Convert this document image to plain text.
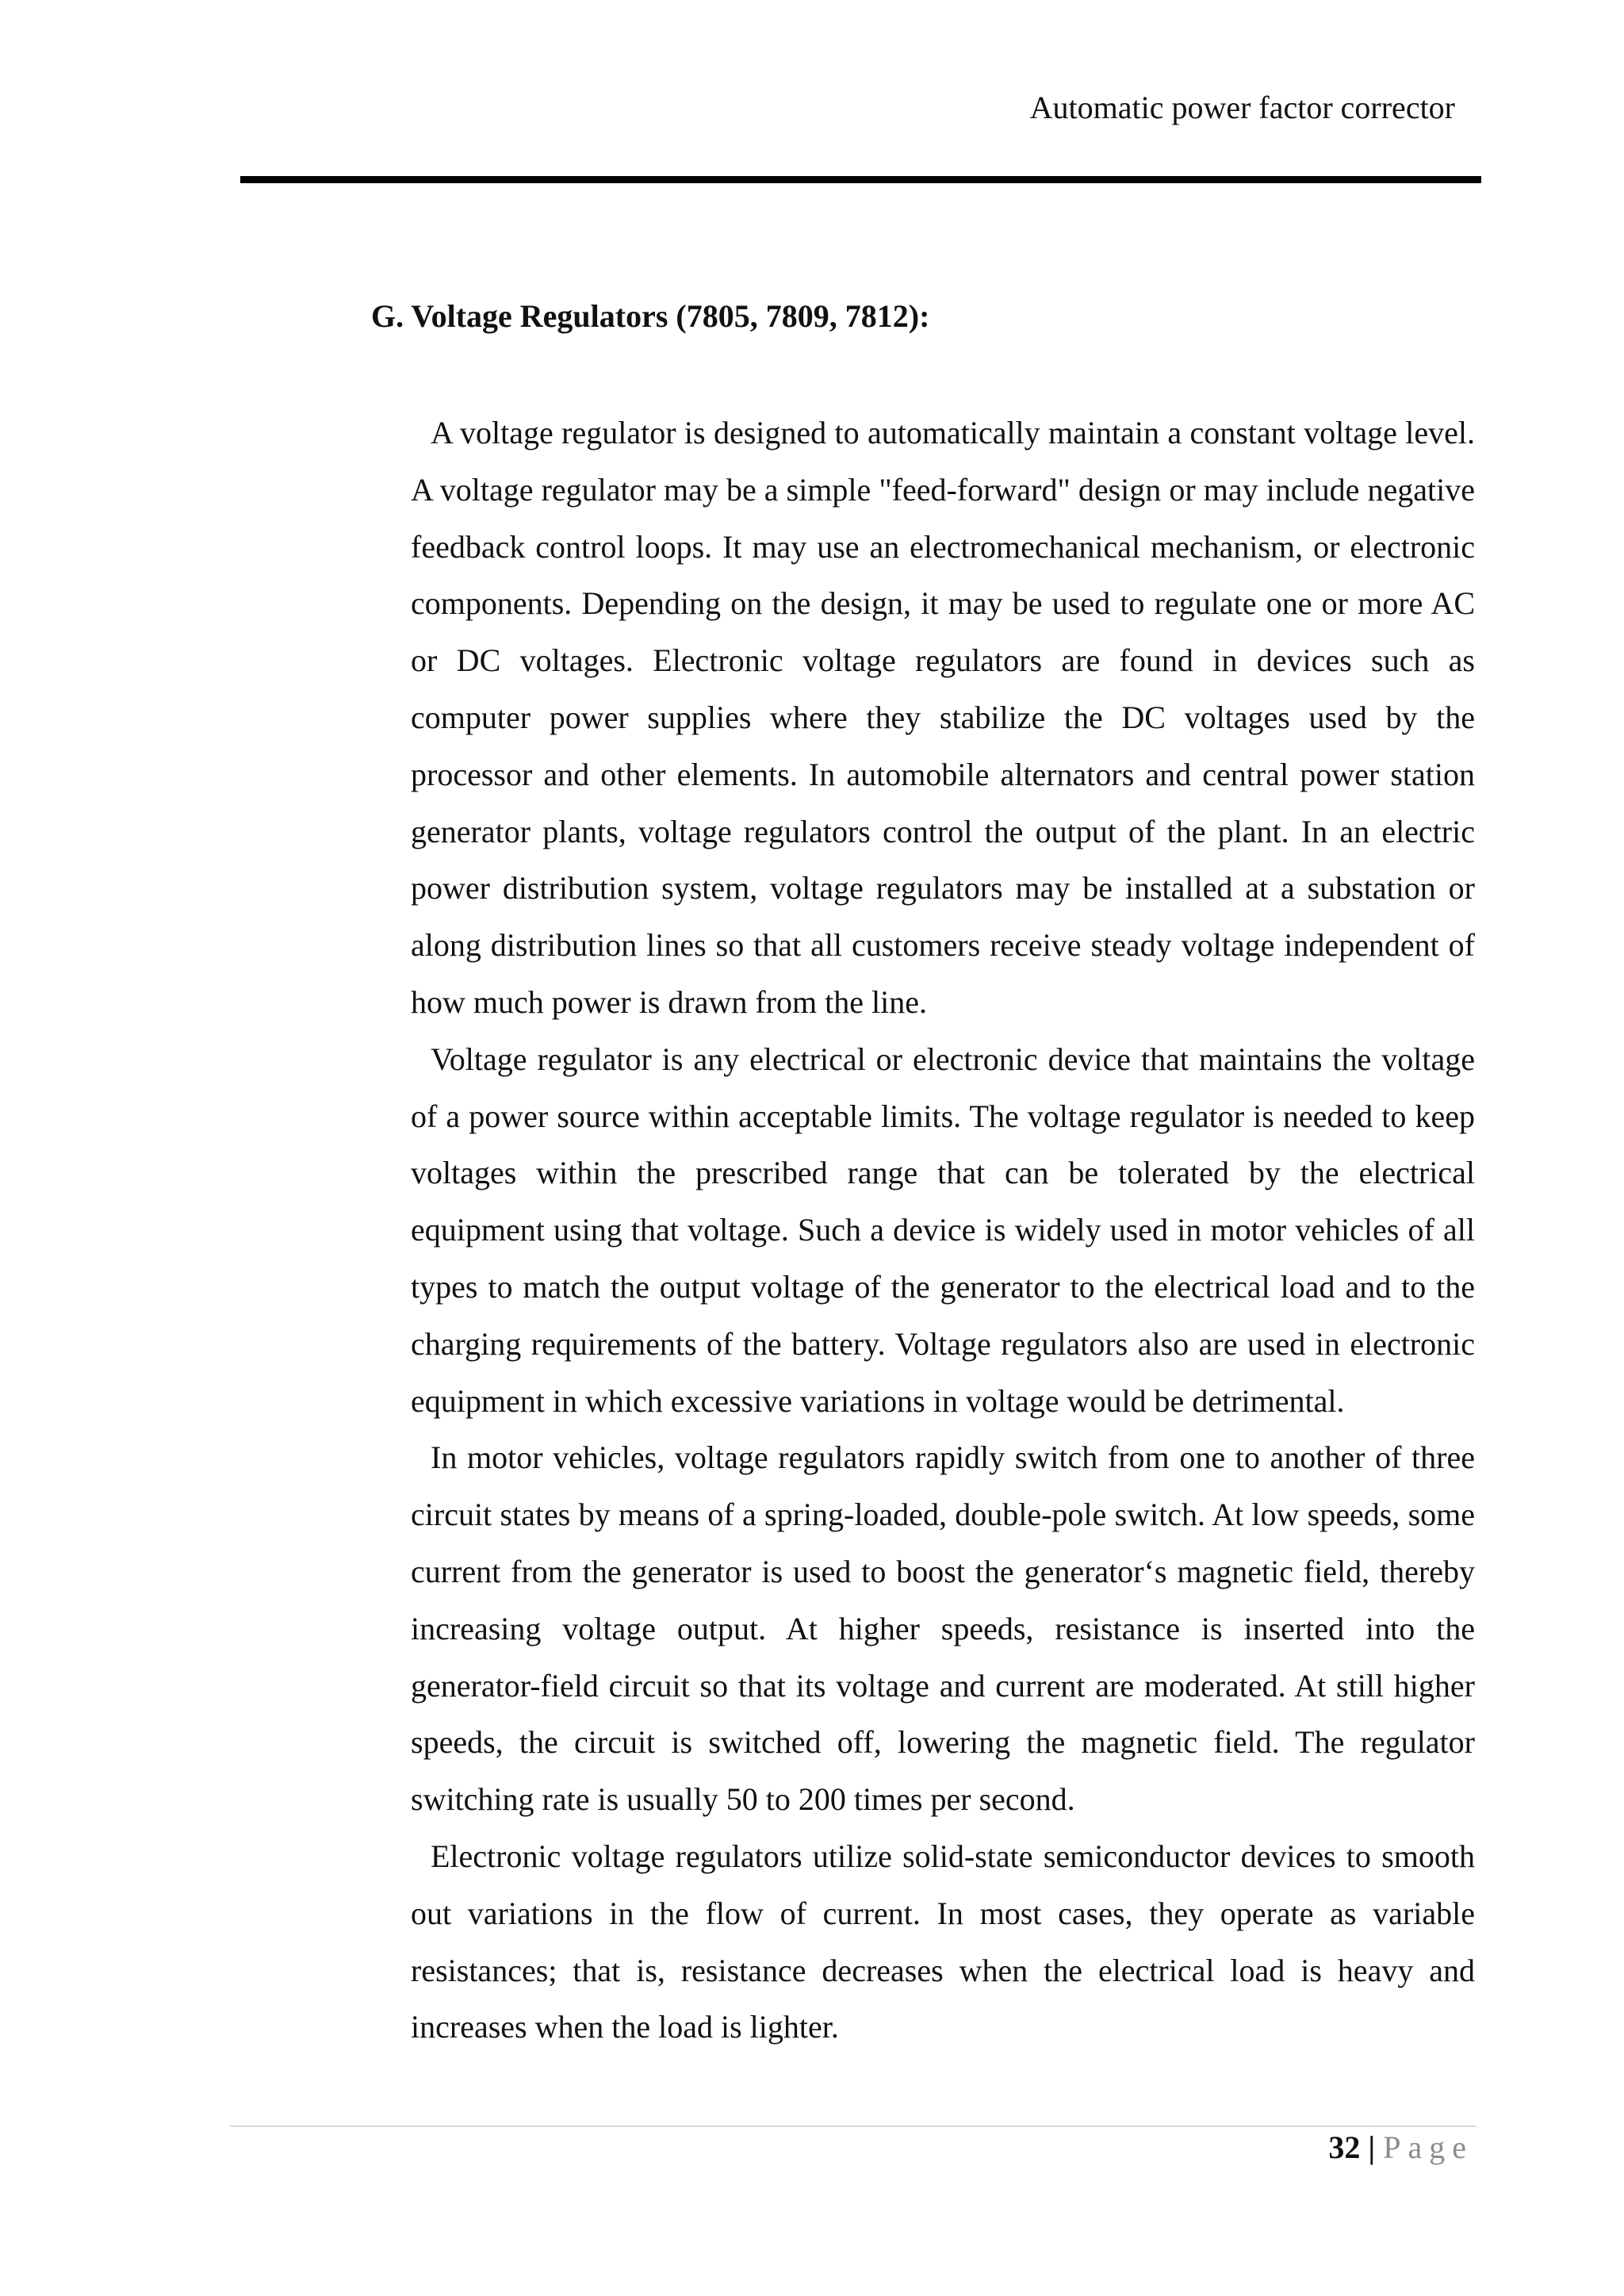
Automatic power factor corrector
G. Voltage Regulators (7805, 7809, 7812):

A voltage regulator is designed to automatically maintain a constant voltage level. A voltage regulator may be a simple "feed-forward" design or may include negative feedback control loops. It may use an electromechanical mechanism, or electronic components. Depending on the design, it may be used to regulate one or more AC or DC voltages. Electronic voltage regulators are found in devices such as computer power supplies where they stabilize the DC voltages used by the processor and other elements. In automobile alternators and central power station generator plants, voltage regulators control the output of the plant. In an electric power distribution system, voltage regulators may be installed at a substation or along distribution lines so that all customers receive steady voltage independent of how much power is drawn from the line.

Voltage regulator is any electrical or electronic device that maintains the voltage of a power source within acceptable limits. The voltage regulator is needed to keep voltages within the prescribed range that can be tolerated by the electrical equipment using that voltage. Such a device is widely used in motor vehicles of all types to match the output voltage of the generator to the electrical load and to the charging requirements of the battery. Voltage regulators also are used in electronic equipment in which excessive variations in voltage would be detrimental.

In motor vehicles, voltage regulators rapidly switch from one to another of three circuit states by means of a spring-loaded, double-pole switch. At low speeds, some current from the generator is used to boost the generator‘s magnetic field, thereby increasing voltage output. At higher speeds, resistance is inserted into the generator-field circuit so that its voltage and current are moderated. At still higher speeds, the circuit is switched off, lowering the magnetic field. The regulator switching rate is usually 50 to 200 times per second.

Electronic voltage regulators utilize solid-state semiconductor devices to smooth out variations in the flow of current. In most cases, they operate as variable resistances; that is, resistance decreases when the electrical load is heavy and increases when the load is lighter.

32 | Page
